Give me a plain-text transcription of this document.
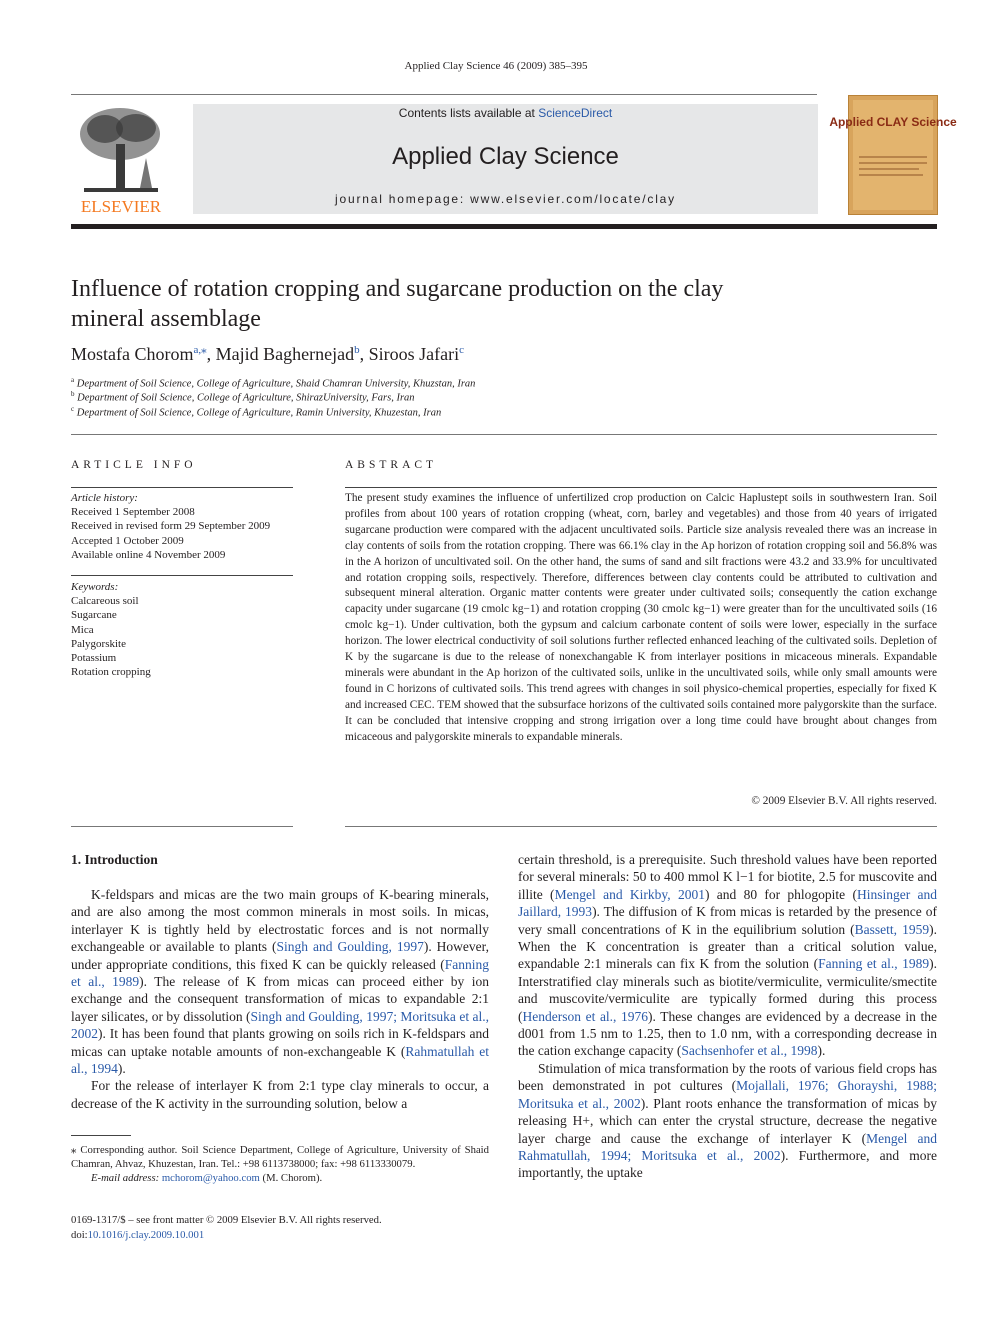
Applied Clay Science 46 (2009) 385–395
ELSEVIER
Contents lists available at ScienceDirect
Applied Clay Science
journal homepage: www.elsevier.com/locate/clay
Applied CLAY Science
Influence of rotation cropping and sugarcane production on the clay
mineral assemblage
Mostafa Chorom$^{a,⁎}$, Majid Baghernejad$^b$, Siroos Jafari$^c$
$^a$ Department of Soil Science, College of Agriculture, Shaid Chamran University, Khuzstan, Iran
$^b$ Department of Soil Science, College of Agriculture, ShirazUniversity, Fars, Iran
$^c$ Department of Soil Science, College of Agriculture, Ramin University, Khuzestan, Iran
ARTICLE INFO
Article history:
Received 1 September 2008
Received in revised form 29 September 2009
Accepted 1 October 2009
Available online 4 November 2009
Keywords:
Calcareous soil
Sugarcane
Mica
Palygorskite
Potassium
Rotation cropping
ABSTRACT
The present study examines the influence of unfertilized crop production on Calcic Haplustept soils in southwestern Iran. Soil profiles from about 100 years of rotation cropping (wheat, corn, barley and vegetables) and those from 40 years of irrigated sugarcane production were compared with the adjacent uncultivated soils. Particle size analysis revealed there was an increase in clay contents of soils from the rotation cropping. There was 66.1% clay in the Ap horizon of rotation cropping soil and 56.8% was in the A horizon of uncultivated soil. On the other hand, the sums of sand and silt fractions were 43.2 and 33.9% for uncultivated and rotation cropping soils, respectively. Therefore, differences between clay contents could be attributed to cultivation and subsequent mineral alteration. Organic matter contents were greater under cultivated soils; consequently the cation exchange capacity under sugarcane (19 cmolc kg−1) and rotation cropping (30 cmolc kg−1) were greater than for the uncultivated soils (16 cmolc kg−1). Under cultivation, both the gypsum and calcium carbonate content of soils were lower, especially in the surface horizon. The lower electrical conductivity of soil solutions further reflected enhanced leaching of the cultivated soils. Depletion of K by the sugarcane is due to the release of nonexchangable K from interlayer positions in micaceous minerals. Expandable minerals were abundant in the Ap horizon of the cultivated soils, unlike in the uncultivated soils, while only small amounts were found in C horizons of cultivated soils. This trend agrees with changes in soil physico-chemical properties, especially for fixed K and increased CEC. TEM showed that the subsurface horizons of the cultivated soils contained more palygorskite than the surface. It can be concluded that intensive cropping and strong irrigation over a long time could have brought about changes from micaceous and palygorskite minerals to expandable minerals.
© 2009 Elsevier B.V. All rights reserved.
1. Introduction

K-feldspars and micas are the two main groups of K-bearing minerals, and are also among the most common minerals in most soils. In micas, interlayer K is tightly held by electrostatic forces and is not normally exchangeable or available to plants (Singh and Goulding, 1997). However, under appropriate conditions, this fixed K can be quickly released (Fanning et al., 1989). The release of K from micas can proceed either by ion exchange and the consequent transformation of micas to expandable 2:1 layer silicates, or by dissolution (Singh and Goulding, 1997; Moritsuka et al., 2002). It has been found that plants growing on soils rich in K-feldspars and micas can uptake notable amounts of non-exchangeable K (Rahmatullah et al., 1994).

For the release of interlayer K from 2:1 type clay minerals to occur, a decrease of the K activity in the surrounding solution, below a

certain threshold, is a prerequisite. Such threshold values have been reported for several minerals: 50 to 400 mmol K l−1 for biotite, 2.5 for muscovite and illite (Mengel and Kirkby, 2001) and 80 for phlogopite (Hinsinger and Jaillard, 1993). The diffusion of K from micas is retarded by the presence of very small concentrations of K in the equilibrium solution (Bassett, 1959). When the K concentration is greater than a critical solution value, expandable 2:1 minerals can fix K from the solution (Fanning et al., 1989). Interstratified clay minerals such as biotite/vermiculite, vermiculite/smectite and muscovite/vermiculite are typically formed during this process (Henderson et al., 1976). These changes are evidenced by a decrease in the d001 from 1.5 nm to 1.25, then to 1.0 nm, with a corresponding decrease in the cation exchange capacity (Sachsenhofer et al., 1998).

Stimulation of mica transformation by the roots of various field crops has been demonstrated in pot cultures (Mojallali, 1976; Ghorayshi, 1988; Moritsuka et al., 2002). Plant roots enhance the transformation of micas by releasing H+, which can enter the crystal structure, decrease the negative layer charge and cause the exchange of interlayer K (Mengel and Rahmatullah, 1994; Moritsuka et al., 2002). Furthermore, and more importantly, the uptake

⁎ Corresponding author. Soil Science Department, College of Agriculture, University of Shaid Chamran, Ahvaz, Khuzestan, Iran. Tel.: +98 6113738000; fax: +98 6113330079.
E-mail address: mchorom@yahoo.com (M. Chorom).
0169-1317/$ – see front matter © 2009 Elsevier B.V. All rights reserved.
doi:10.1016/j.clay.2009.10.001
